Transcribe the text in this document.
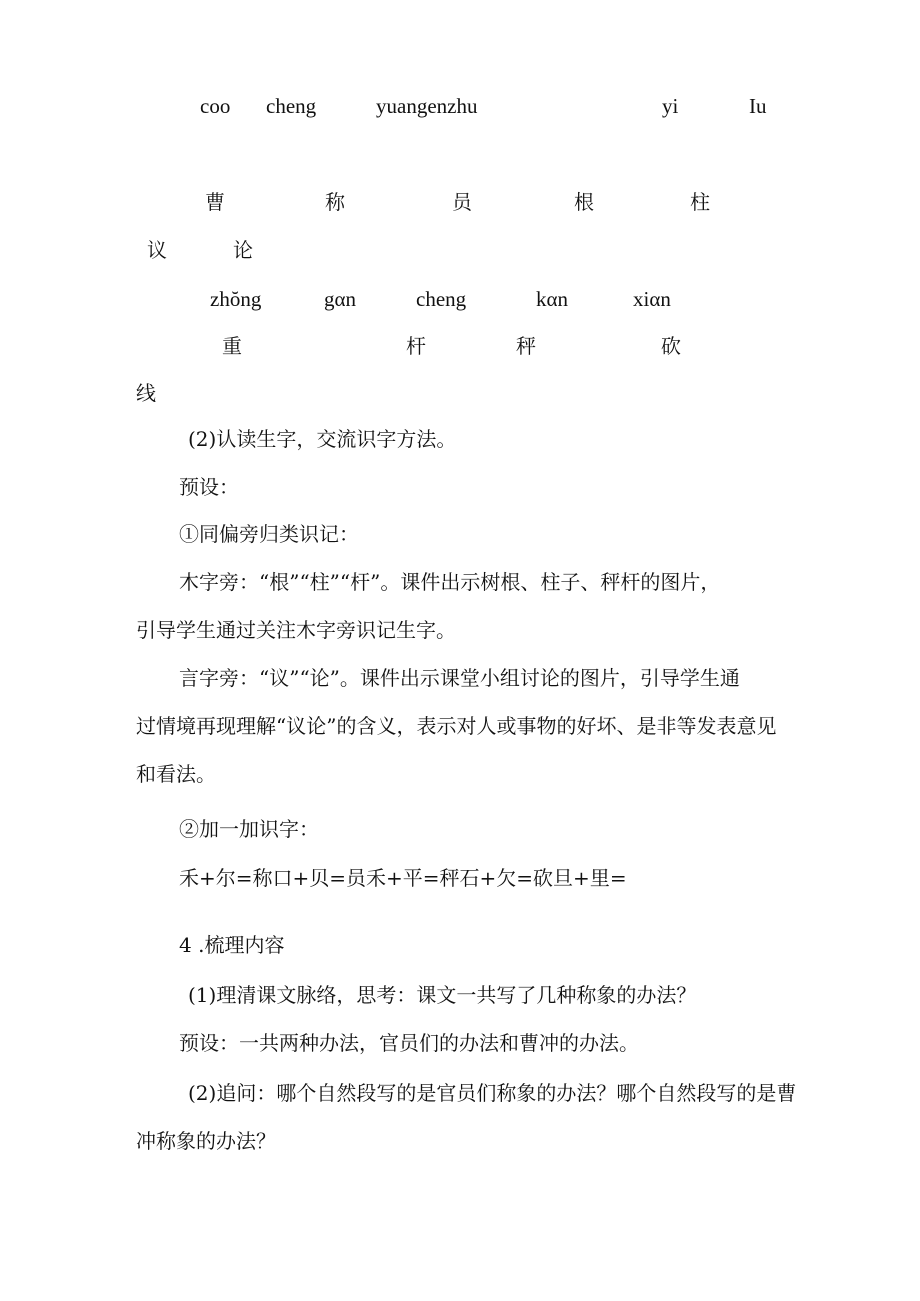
coo cheng	yuangenzhu	yi	Iu
曹	称	员	根	柱
议	论
zhŏng	gαn	cheng	kαn	xiαn
重	杆	秤	砍
线
(2)认读生字，交流识字方法。
预设：
①同偏旁归类识记：
木字旁：“根”“柱”“杆”。课件出示树根、柱子、秤杆的图片，
引导学生通过关注木字旁识记生字。
言字旁：“议”“论”。课件出示课堂小组讨论的图片，引导学生通
过情境再现理解“议论”的含义，表示对人或事物的好坏、是非等发表意见
和看法。
②加一加识字：
禾+尔=称口+贝=员禾+平=秤石+欠=砍旦+里=
4 .梳理内容
(1)理清课文脉络，思考：课文一共写了几种称象的办法？
预设：一共两种办法，官员们的办法和曹冲的办法。
(2)追问：哪个自然段写的是官员们称象的办法？哪个自然段写的是曹
冲称象的办法？
